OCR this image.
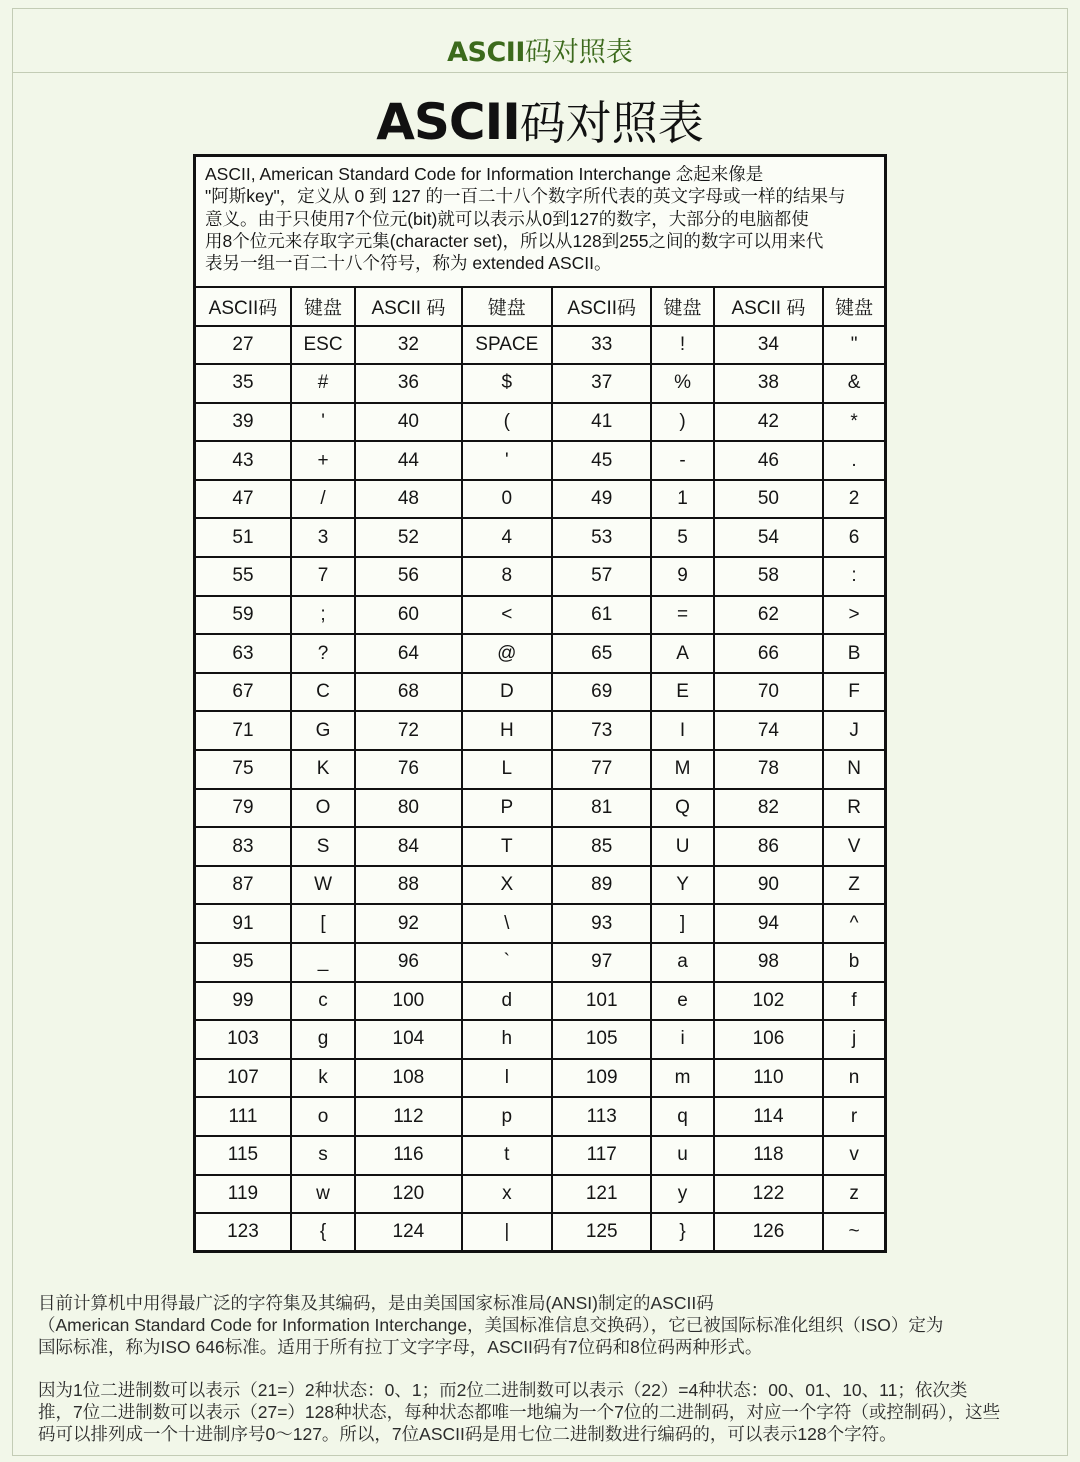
ASCII码对照表
ASCII码对照表
ASCII, American Standard Code for Information Interchange 念起来像是
"阿斯key"，定义从 0 到 127 的一百二十八个数字所代表的英文字母或一样的结果与
意义。由于只使用7个位元(bit)就可以表示从0到127的数字，大部分的电脑都使
用8个位元来存取字元集(character set)，所以从128到255之间的数字可以用来代
表另一组一百二十八个符号，称为 extended ASCII。							

ASCII码	键盘	ASCII 码	键盘	ASCII码	键盘	ASCII 码	键盘
27	ESC	32	SPACE	33	!	34	"
35	#	36	$	37	%	38	&
39	'	40	(	41	)	42	*
43	+	44	'	45	-	46	.
47	/	48	0	49	1	50	2
51	3	52	4	53	5	54	6
55	7	56	8	57	9	58	:
59	;	60	<	61	=	62	>
63	?	64	@	65	A	66	B
67	C	68	D	69	E	70	F
71	G	72	H	73	I	74	J
75	K	76	L	77	M	78	N
79	O	80	P	81	Q	82	R
83	S	84	T	85	U	86	V
87	W	88	X	89	Y	90	Z
91	[	92	\	93	]	94	^
95	_	96	`	97	a	98	b
99	c	100	d	101	e	102	f
103	g	104	h	105	i	106	j
107	k	108	l	109	m	110	n
111	o	112	p	113	q	114	r
115	s	116	t	117	u	118	v
119	w	120	x	121	y	122	z
123	{	124	|	125	}	126	~
目前计算机中用得最广泛的字符集及其编码，是由美国国家标准局(ANSI)制定的ASCII码
（American Standard Code for Information Interchange，美国标准信息交换码），它已被国际标准化组织（ISO）定为
国际标准，称为ISO 646标准。适用于所有拉丁文字字母，ASCII码有7位码和8位码两种形式。
因为1位二进制数可以表示（21=）2种状态：0、1；而2位二进制数可以表示（22）=4种状态：00、01、10、11；依次类
推，7位二进制数可以表示（27=）128种状态，每种状态都唯一地编为一个7位的二进制码，对应一个字符（或控制码），这些
码可以排列成一个十进制序号0～127。所以，7位ASCII码是用七位二进制数进行编码的，可以表示128个字符。
